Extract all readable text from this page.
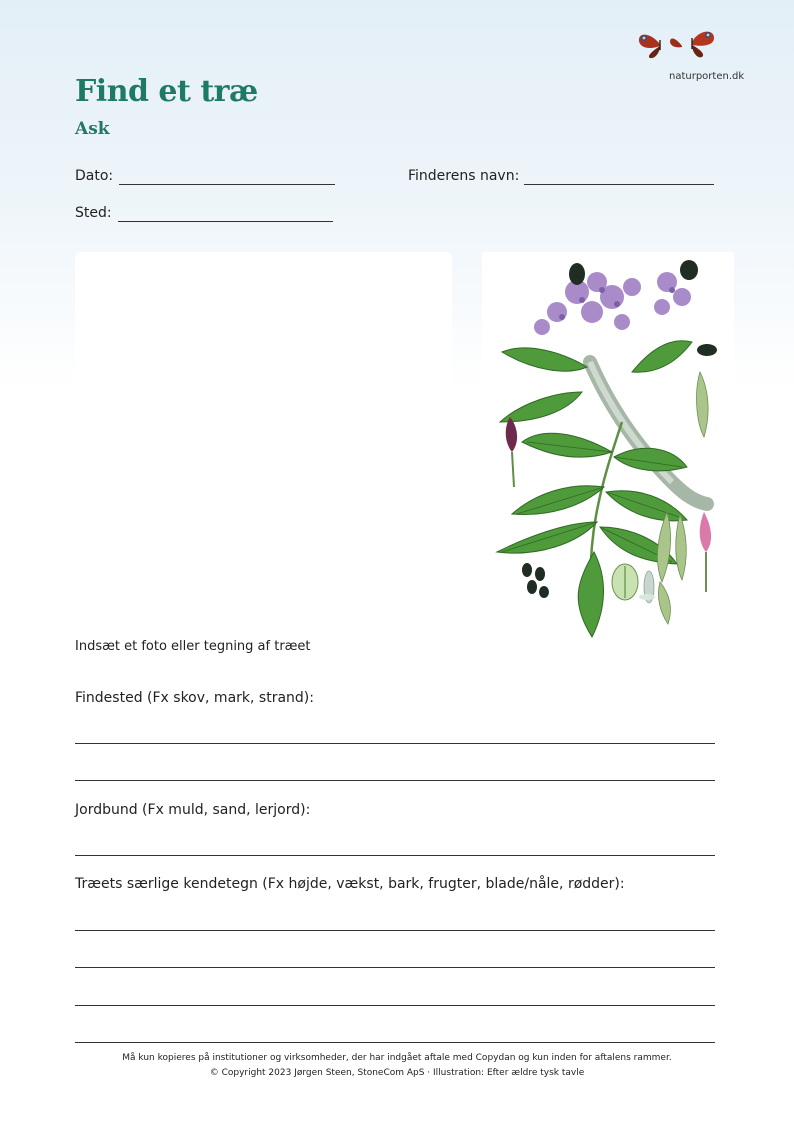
naturporten.dk
Find et træ
Ask
Dato:	Finderens navn:
Sted:
Indsæt et foto eller tegning af træet
Findested (Fx skov, mark, strand):
Jordbund (Fx muld, sand, lerjord):
Træets særlige kendetegn (Fx højde, vækst, bark, frugter, blade/nåle, rødder):
Må kun kopieres på institutioner og virksomheder, der har indgået aftale med Copydan og kun inden for aftalens rammer.
© Copyright 2023 Jørgen Steen, StoneCom ApS · Illustration: Efter ældre tysk tavle
